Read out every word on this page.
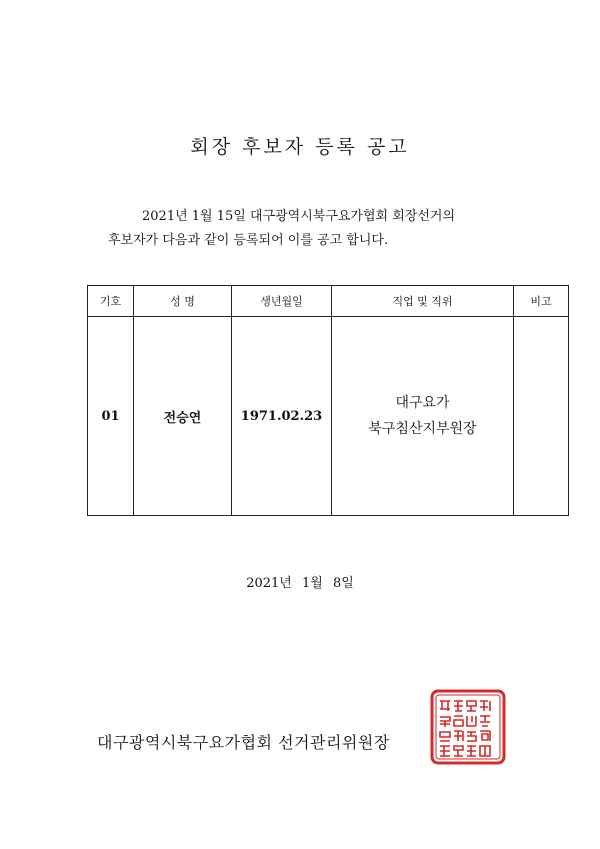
회장 후보자 등록 공고
2021년 1월 15일 대구광역시북구요가협회 회장선거의
후보자가 다음과 같이 등록되어 이를 공고 합니다.
기호	성 명	생년월일	직업 및 직위	비고
01	전승연	1971.02.23	대구요가
북구침산지부원장	

2021년 1월 8일
대구광역시북구요가협회 선거관리위원장
